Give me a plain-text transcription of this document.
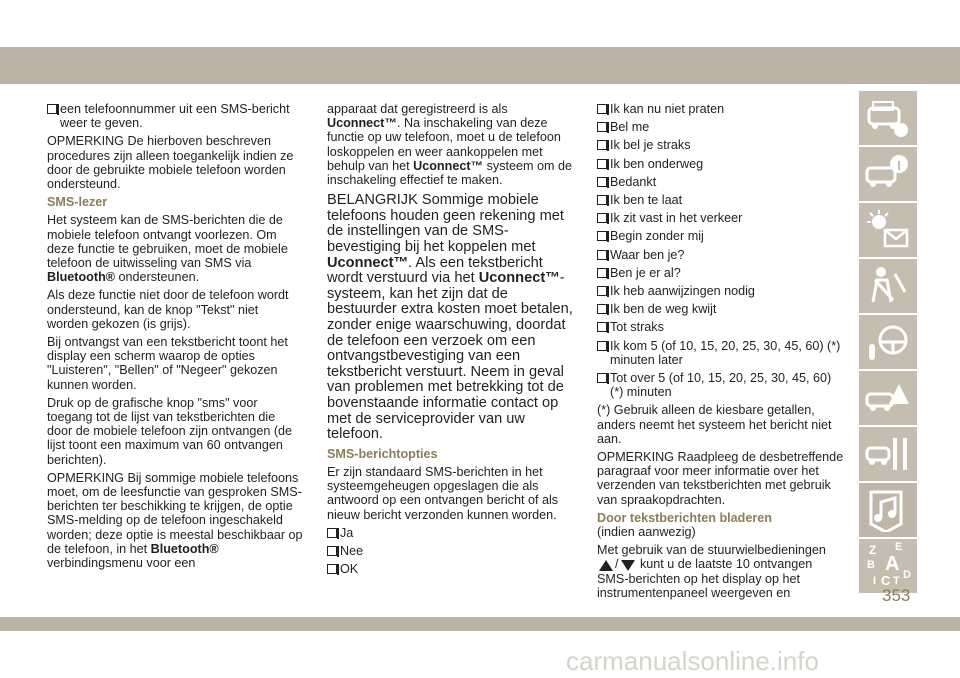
een telefoonnummer uit een SMS-bericht weer te geven.

OPMERKING De hierboven beschreven procedures zijn alleen toegankelijk indien ze door de gebruikte mobiele telefoon worden ondersteund.

SMS-lezer

Het systeem kan de SMS-berichten die de mobiele telefoon ontvangt voorlezen. Om deze functie te gebruiken, moet de mobiele telefoon de uitwisseling van SMS via Bluetooth® ondersteunen.

Als deze functie niet door de telefoon wordt ondersteund, kan de knop "Tekst" niet worden gekozen (is grijs).

Bij ontvangst van een tekstbericht toont het display een scherm waarop de opties "Luisteren", "Bellen" of "Negeer" gekozen kunnen worden.

Druk op de grafische knop "sms" voor toegang tot de lijst van tekstberichten die door de mobiele telefoon zijn ontvangen (de lijst toont een maximum van 60 ontvangen berichten).

OPMERKING Bij sommige mobiele telefoons moet, om de leesfunctie van gesproken SMS-berichten ter beschikking te krijgen, de optie SMS-melding op de telefoon ingeschakeld worden; deze optie is meestal beschikbaar op de telefoon, in het Bluetooth® verbindingsmenu voor een

apparaat dat geregistreerd is als Uconnect™. Na inschakeling van deze functie op uw telefoon, moet u de telefoon loskoppelen en weer aankoppelen met behulp van het Uconnect™ systeem om de inschakeling effectief te maken.

BELANGRIJK Sommige mobiele telefoons houden geen rekening met de instellingen van de SMS-bevestiging bij het koppelen met Uconnect™. Als een tekstbericht wordt verstuurd via het Uconnect™-systeem, kan het zijn dat de bestuurder extra kosten moet betalen, zonder enige waarschuwing, doordat de telefoon een verzoek om een ontvangstbevestiging van een tekstbericht verstuurt. Neem in geval van problemen met betrekking tot de bovenstaande informatie contact op met de serviceprovider van uw telefoon.

SMS-berichtopties

Er zijn standaard SMS-berichten in het systeemgeheugen opgeslagen die als antwoord op een ontvangen bericht of als nieuw bericht verzonden kunnen worden.

Ja

Nee

OK

Ik kan nu niet praten

Bel me

Ik bel je straks

Ik ben onderweg

Bedankt

Ik ben te laat

Ik zit vast in het verkeer

Begin zonder mij

Waar ben je?

Ben je er al?

Ik heb aanwijzingen nodig

Ik ben de weg kwijt

Tot straks

Ik kom 5 (of 10, 15, 20, 25, 30, 45, 60) (*) minuten later

Tot over 5 (of 10, 15, 20, 25, 30, 45, 60) (*) minuten

(*) Gebruik alleen de kiesbare getallen, anders neemt het systeem het bericht niet aan.

OPMERKING Raadpleeg de desbetreffende paragraaf voor meer informatie over het verzenden van tekstberichten met gebruik van spraakopdrachten.

Door tekstberichten bladeren

(indien aanwezig)

Met gebruik van de stuurwielbedieningen / kunt u de laatste 10 ontvangen SMS-berichten op het display op het instrumentenpaneel weergeven en

Z E
B A
I C T D
353
carmanualsonline.info
